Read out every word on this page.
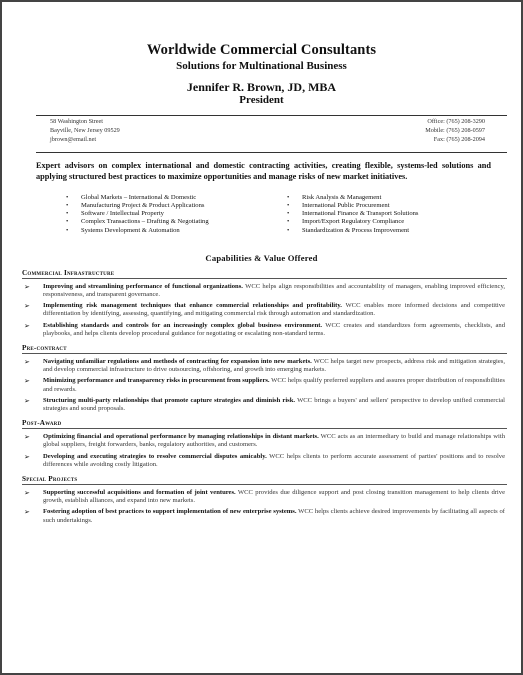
Worldwide Commercial Consultants
Solutions for Multinational Business
Jennifer R. Brown, JD, MBA
President
58 Washington Street
Bayville, New Jersey 09529
jbrown@email.net
Office: (765) 208-3290
Mobile: (765) 208-0597
Fax: (765) 208-2094
Expert advisors on complex international and domestic contracting activities, creating flexible, systems-led solutions and applying structured best practices to maximize opportunities and manage risks of new market initiatives.
• Global Markets – International & Domestic
• Manufacturing Project & Product Applications
• Software / Intellectual Property
• Complex Transactions – Drafting & Negotiating
• Systems Development & Automation
• Risk Analysis & Management
• International Public Procurement
• International Finance & Transport Solutions
• Import/Export Regulatory Compliance
• Standardization & Process Improvement
Capabilities & Value Offered
Commercial Infrastructure
➢ Improving and streamlining performance of functional organizations. WCC helps align responsibilities and accountability of managers, enabling improved efficiency, responsiveness, and transparent governance.
➢ Implementing risk management techniques that enhance commercial relationships and profitability. WCC enables more informed decisions and competitive differentiation by identifying, assessing, quantifying, and mitigating commercial risk through automation and standardization.
➢ Establishing standards and controls for an increasingly complex global business environment. WCC creates and standardizes form agreements, checklists, and playbooks, and helps clients develop procedural guidance for negotiating or escalating non-standard terms.
Pre-contract
➢ Navigating unfamiliar regulations and methods of contracting for expansion into new markets. WCC helps target new prospects, address risk and mitigation strategies, and develop commercial infrastructure to drive outsourcing, offshoring, and growth into emerging markets.
➢ Minimizing performance and transparency risks in procurement from suppliers. WCC helps qualify preferred suppliers and assures proper distribution of responsibilities and rewards.
➢ Structuring multi-party relationships that promote capture strategies and diminish risk. WCC brings a buyers' and sellers' perspective to develop unified commercial strategies and sound proposals.
Post-Award
➢ Optimizing financial and operational performance by managing relationships in distant markets. WCC acts as an intermediary to build and manage relationships with global suppliers, freight forwarders, banks, regulatory authorities, and customers.
➢ Developing and executing strategies to resolve commercial disputes amicably. WCC helps clients to perform accurate assessment of parties' positions and to resolve differences while avoiding costly litigation.
Special Projects
➢ Supporting successful acquisitions and formation of joint ventures. WCC provides due diligence support and post closing transition management to help clients drive growth, establish alliances, and expand into new markets.
➢ Fostering adoption of best practices to support implementation of new enterprise systems. WCC helps clients achieve desired improvements by facilitating all aspects of such undertakings.
